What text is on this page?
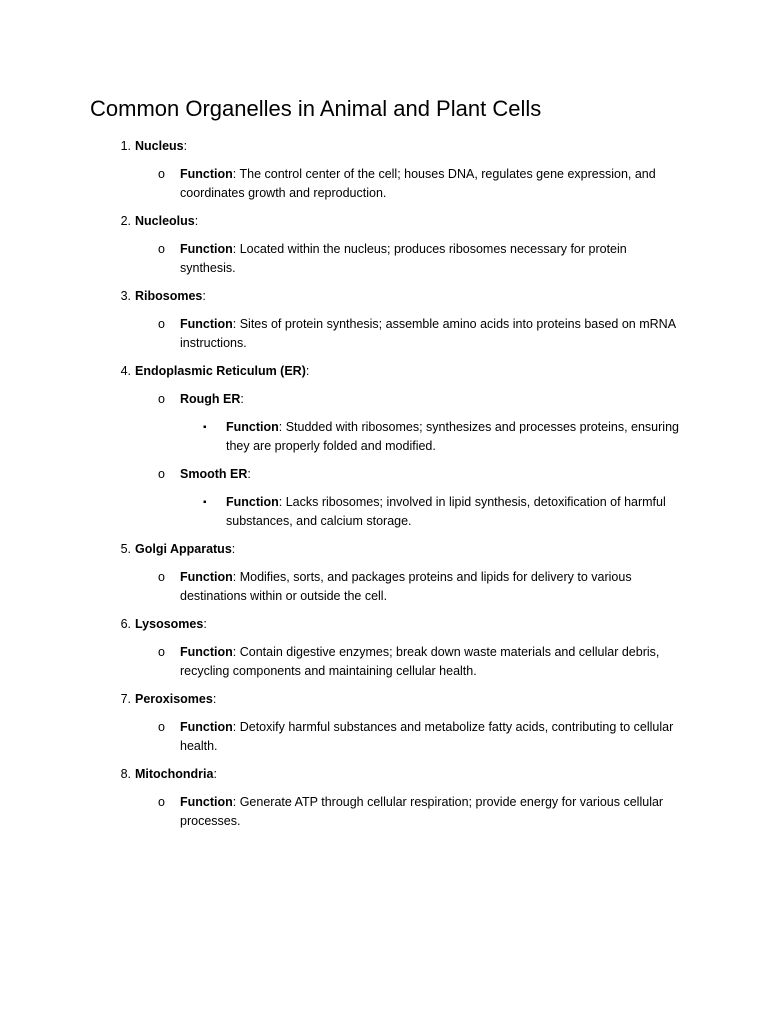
Common Organelles in Animal and Plant Cells
1. Nucleus:
o Function: The control center of the cell; houses DNA, regulates gene expression, and coordinates growth and reproduction.
2. Nucleolus:
o Function: Located within the nucleus; produces ribosomes necessary for protein synthesis.
3. Ribosomes:
o Function: Sites of protein synthesis; assemble amino acids into proteins based on mRNA instructions.
4. Endoplasmic Reticulum (ER):
o Rough ER:
▪ Function: Studded with ribosomes; synthesizes and processes proteins, ensuring they are properly folded and modified.
o Smooth ER:
▪ Function: Lacks ribosomes; involved in lipid synthesis, detoxification of harmful substances, and calcium storage.
5. Golgi Apparatus:
o Function: Modifies, sorts, and packages proteins and lipids for delivery to various destinations within or outside the cell.
6. Lysosomes:
o Function: Contain digestive enzymes; break down waste materials and cellular debris, recycling components and maintaining cellular health.
7. Peroxisomes:
o Function: Detoxify harmful substances and metabolize fatty acids, contributing to cellular health.
8. Mitochondria:
o Function: Generate ATP through cellular respiration; provide energy for various cellular processes.
